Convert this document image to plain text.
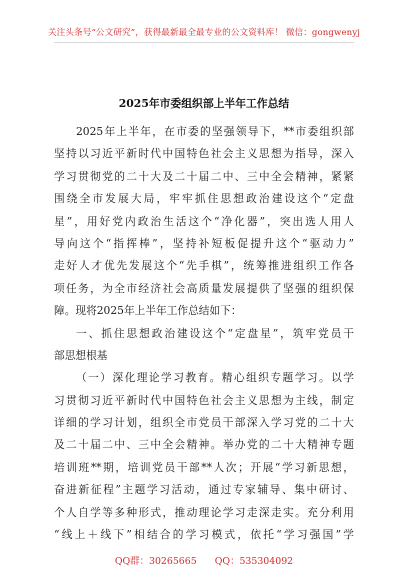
关注头条号“公文研究”，获得最新最全最专业的公文资料库！ 微信：gongwenyj
2025年市委组织部上半年工作总结
2025年上半年，在市委的坚强领导下，**市委组织部
坚持以习近平新时代中国特色社会主义思想为指导，深入
学习贯彻党的二十大及二十届二中、三中全会精神，紧紧
围绕全市发展大局，牢牢抓住思想政治建设这个“定盘
星”，用好党内政治生活这个“净化器”，突出选人用人
导向这个“指挥棒”，坚持补短板促提升这个“驱动力”
走好人才优先发展这个“先手棋”，统筹推进组织工作各
项任务，为全市经济社会高质量发展提供了坚强的组织保
障。现将2025年上半年工作总结如下：
一、抓住思想政治建设这个“定盘星”，筑牢党员干
部思想根基
（一）深化理论学习教育。精心组织专题学习。以学
习贯彻习近平新时代中国特色社会主义思想为主线，制定
详细的学习计划，组织全市党员干部深入学习党的二十大
及二十届二中、三中全会精神。举办党的二十大精神专题
培训班**期，培训党员干部**人次；开展“学习新思想，
奋进新征程”主题学习活动，通过专家辅导、集中研讨、
个人自学等多种形式，推动理论学习走深走实。充分利用
“线上＋线下”相结合的学习模式，依托“学习强国”学
QQ群：30265665 QQ：535304092
